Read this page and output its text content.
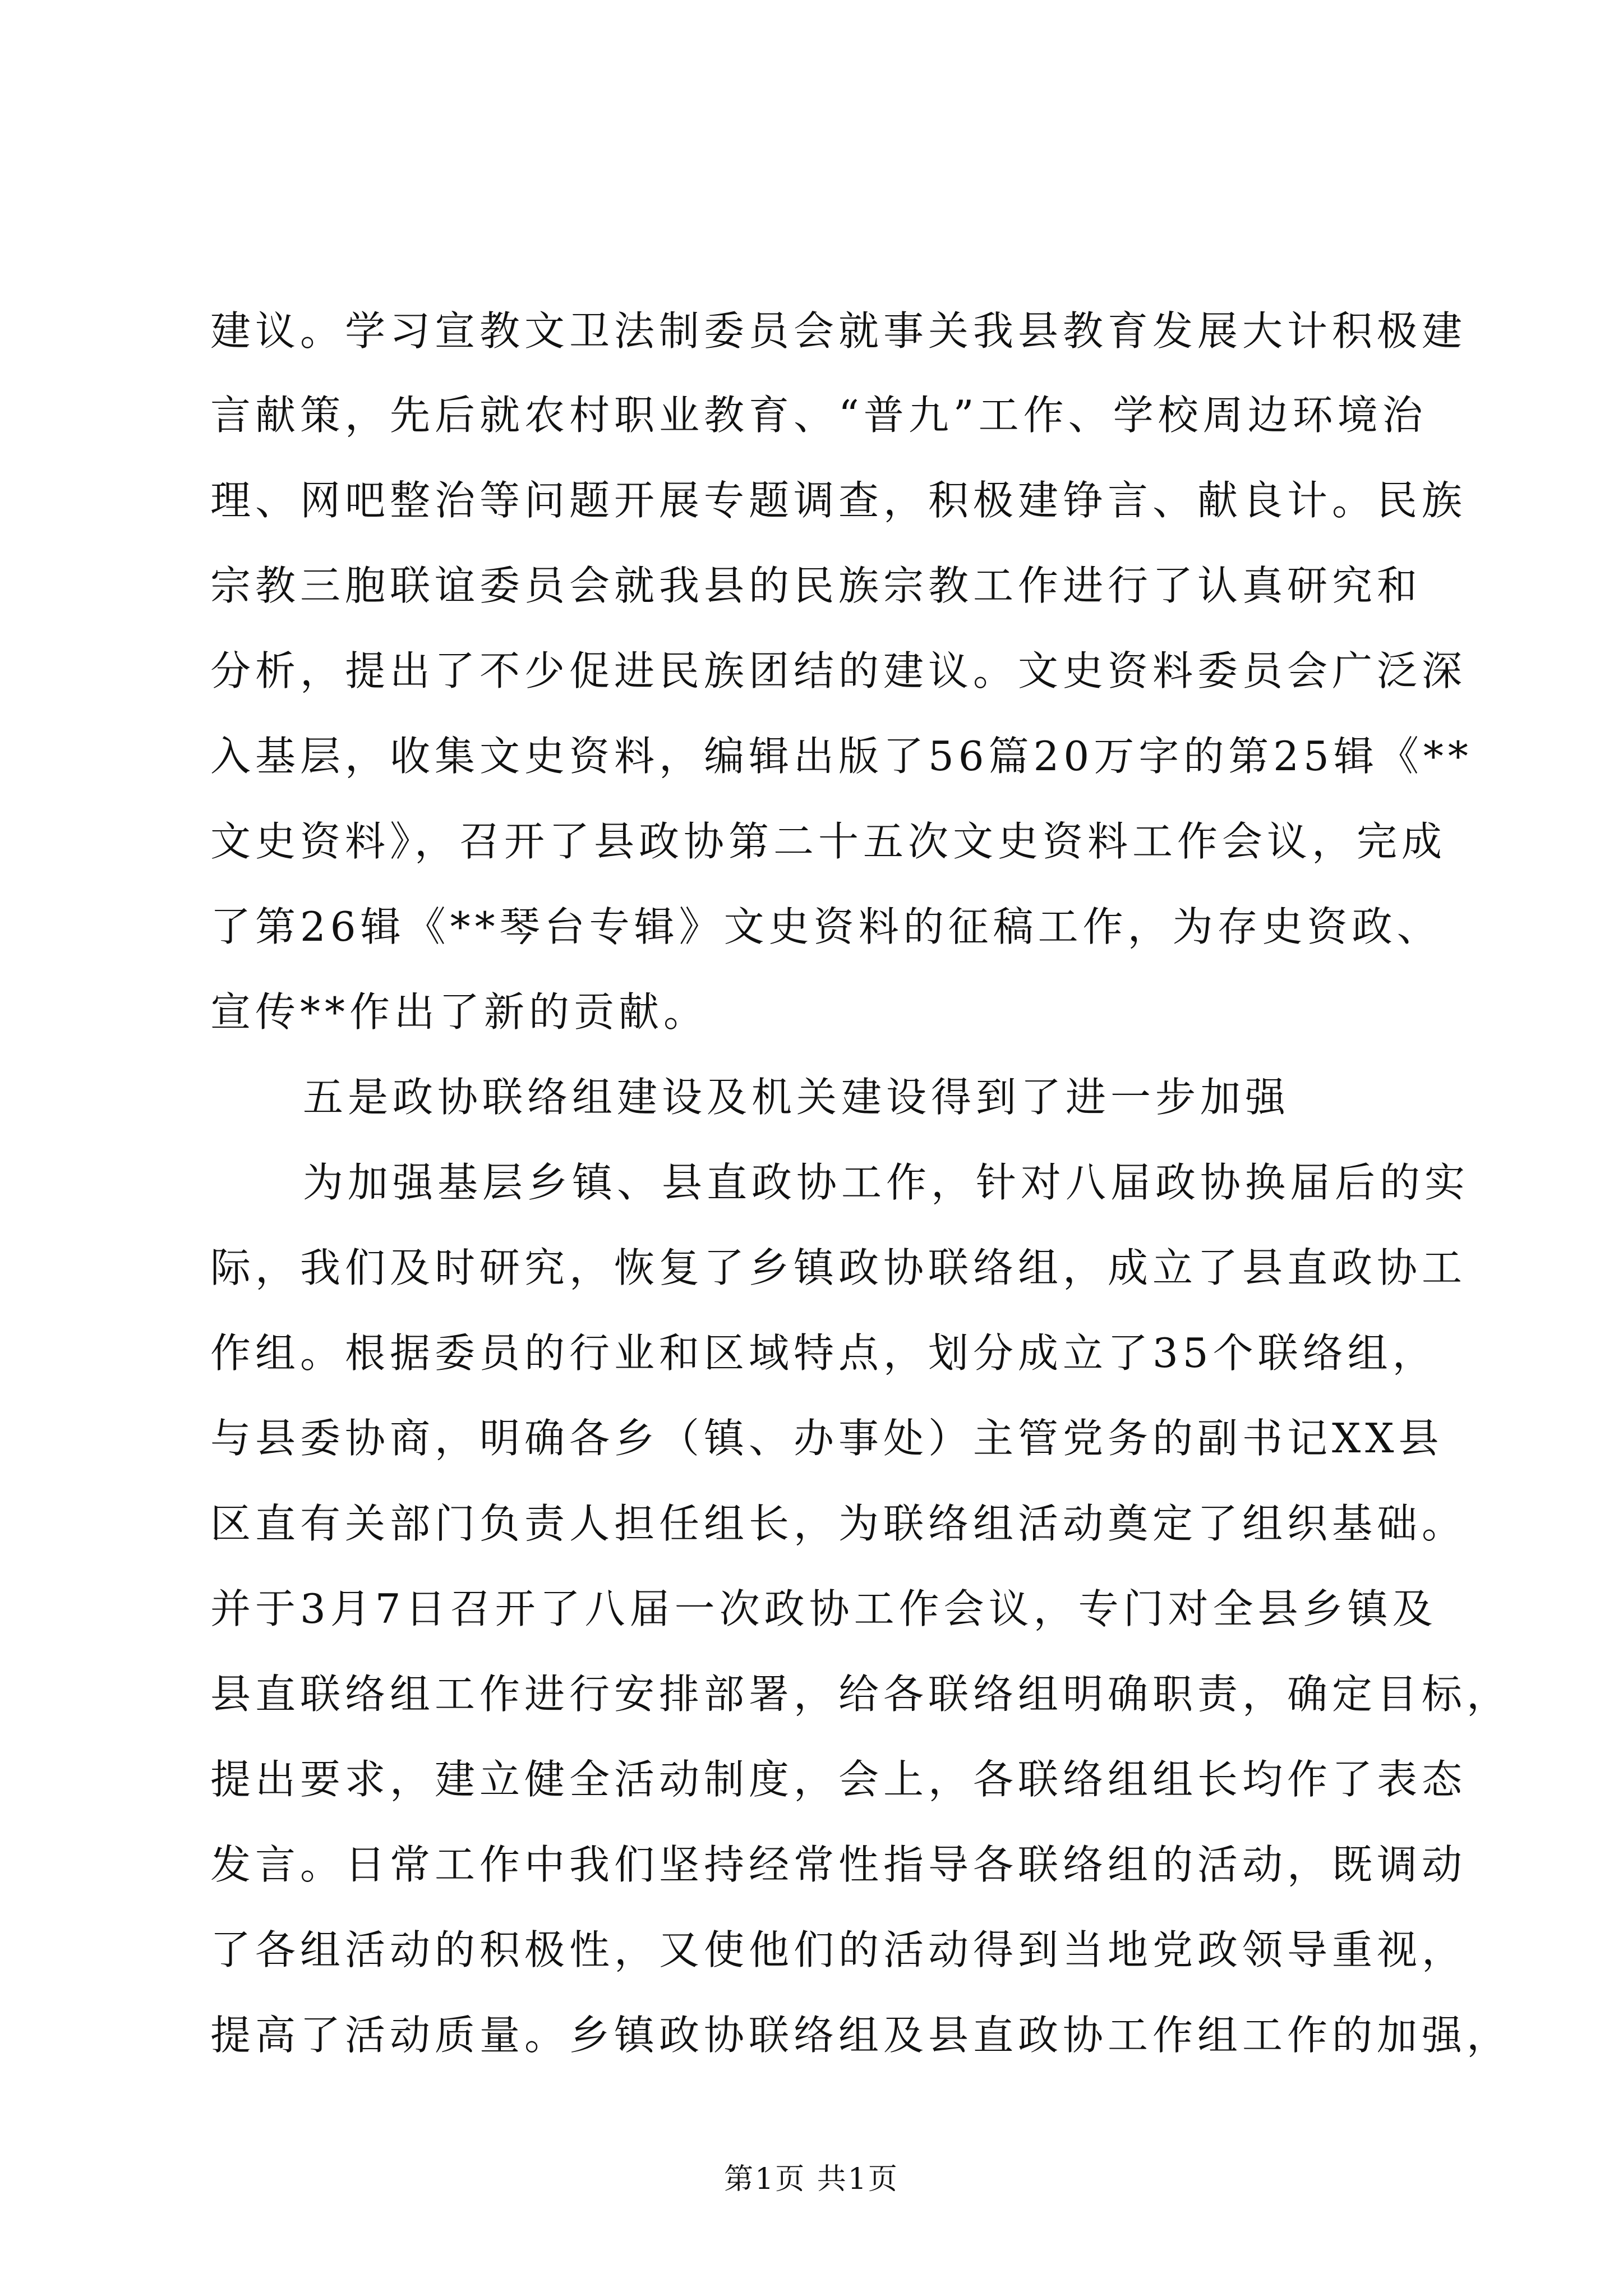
建议。学习宣教文卫法制委员会就事关我县教育发展大计积极建
言献策，先后就农村职业教育、“普九”工作、学校周边环境治
理、网吧整治等问题开展专题调查，积极建铮言、献良计。民族
宗教三胞联谊委员会就我县的民族宗教工作进行了认真研究和
分析，提出了不少促进民族团结的建议。文史资料委员会广泛深
入基层，收集文史资料，编辑出版了56篇20万字的第25辑《**
文史资料》，召开了县政协第二十五次文史资料工作会议，完成
了第26辑《**琴台专辑》文史资料的征稿工作，为存史资政、
宣传**作出了新的贡献。
五是政协联络组建设及机关建设得到了进一步加强
为加强基层乡镇、县直政协工作，针对八届政协换届后的实
际，我们及时研究，恢复了乡镇政协联络组，成立了县直政协工
作组。根据委员的行业和区域特点，划分成立了35个联络组，
与县委协商，明确各乡（镇、办事处）主管党务的副书记XX县
区直有关部门负责人担任组长，为联络组活动奠定了组织基础。
并于3月7日召开了八届一次政协工作会议，专门对全县乡镇及
县直联络组工作进行安排部署，给各联络组明确职责，确定目标，
提出要求，建立健全活动制度，会上，各联络组组长均作了表态
发言。日常工作中我们坚持经常性指导各联络组的活动，既调动
了各组活动的积极性，又使他们的活动得到当地党政领导重视，
提高了活动质量。乡镇政协联络组及县直政协工作组工作的加强，
第1页 共1页
